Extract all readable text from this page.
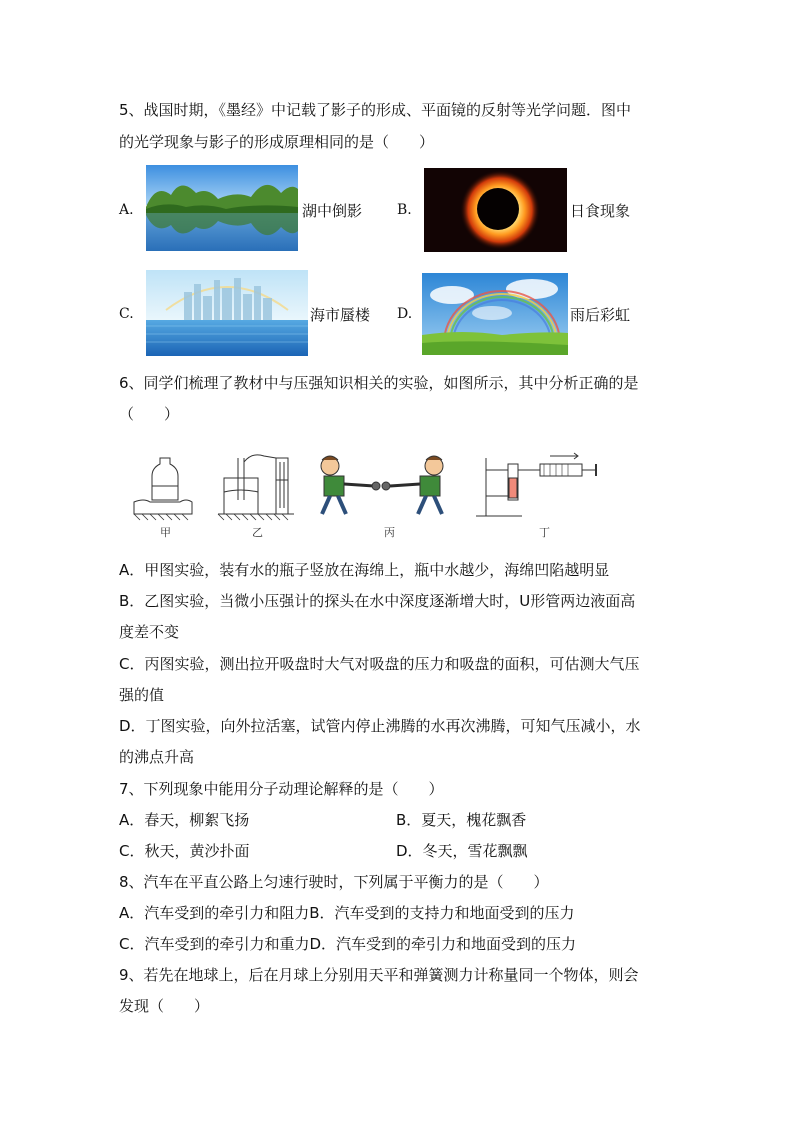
5、战国时期，《墨经》中记载了影子的形成、平面镜的反射等光学问题．图中
的光学现象与影子的形成原理相同的是（　　）
A.	湖中倒影 B.	日食现象
C.	海市蜃楼 D.	雨后彩虹
6、同学们梳理了教材中与压强知识相关的实验，如图所示，其中分析正确的是
（　　）
甲	乙	丙	丁
A．甲图实验，装有水的瓶子竖放在海绵上，瓶中水越少，海绵凹陷越明显
B．乙图实验，当微小压强计的探头在水中深度逐渐增大时，U形管两边液面高
度差不变
C．丙图实验，测出拉开吸盘时大气对吸盘的压力和吸盘的面积，可估测大气压
强的值
D．丁图实验，向外拉活塞，试管内停止沸腾的水再次沸腾，可知气压减小，水
的沸点升高
7、下列现象中能用分子动理论解释的是（　　）
A．春天，柳絮飞扬	B．夏天，槐花飘香
C．秋天，黄沙扑面	D．冬天，雪花飘飘
8、汽车在平直公路上匀速行驶时，下列属于平衡力的是（　　）
A．汽车受到的牵引力和阻力B．汽车受到的支持力和地面受到的压力
C．汽车受到的牵引力和重力D．汽车受到的牵引力和地面受到的压力
9、若先在地球上，后在月球上分别用天平和弹簧测力计称量同一个物体，则会
发现（　　）
